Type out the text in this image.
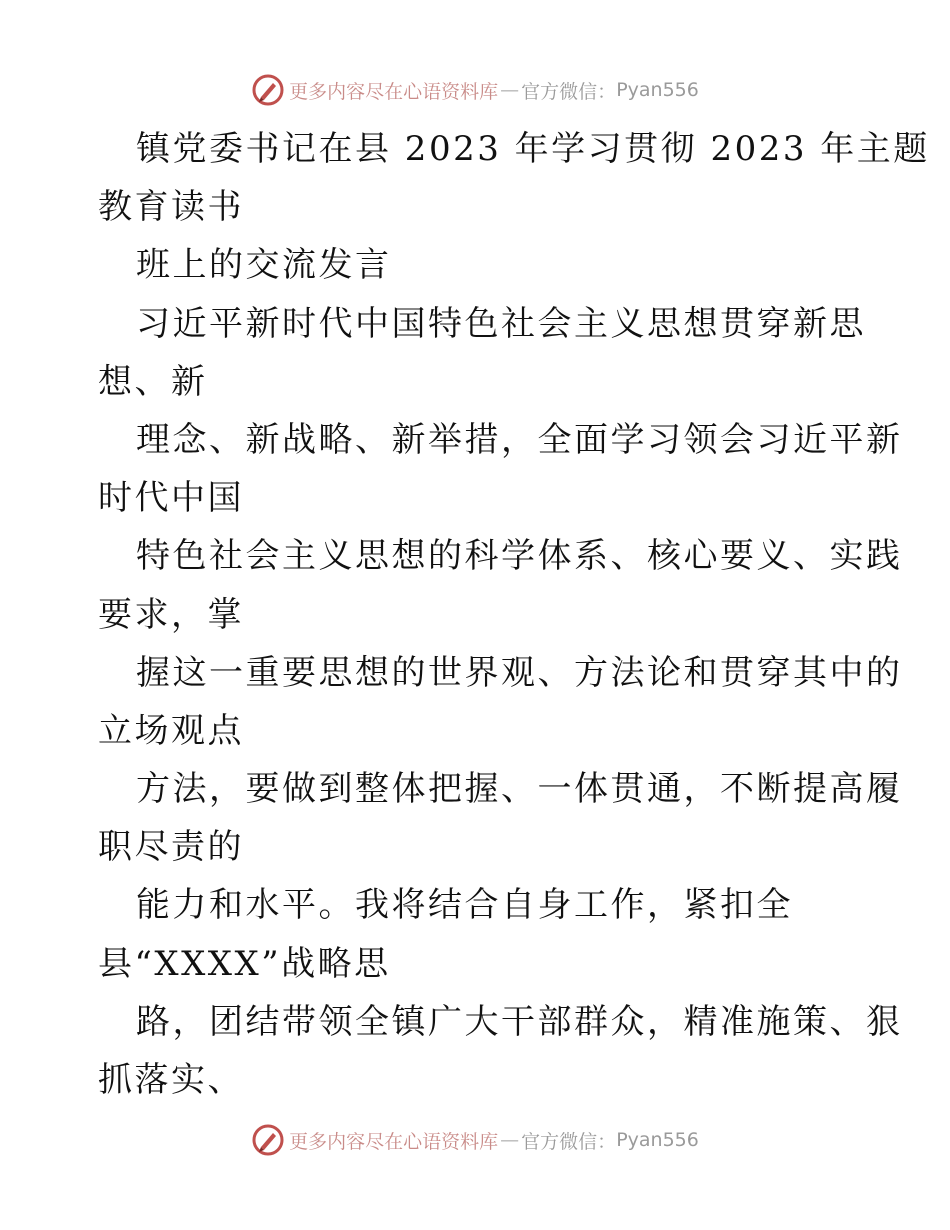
更多内容尽在心语资料库 — 官方微信： Pyan556
镇党委书记在县 2023 年学习贯彻 2023 年主题
教育读书
班上的交流发言
习近平新时代中国特色社会主义思想贯穿新思
想、新
理念、新战略、新举措，全面学习领会习近平新
时代中国
特色社会主义思想的科学体系、核心要义、实践
要求，掌
握这一重要思想的世界观、方法论和贯穿其中的
立场观点
方法，要做到整体把握、一体贯通，不断提高履
职尽责的
能力和水平。我将结合自身工作，紧扣全
县“XXXX”战略思
路，团结带领全镇广大干部群众，精准施策、狠
抓落实、
更多内容尽在心语资料库 — 官方微信： Pyan556
